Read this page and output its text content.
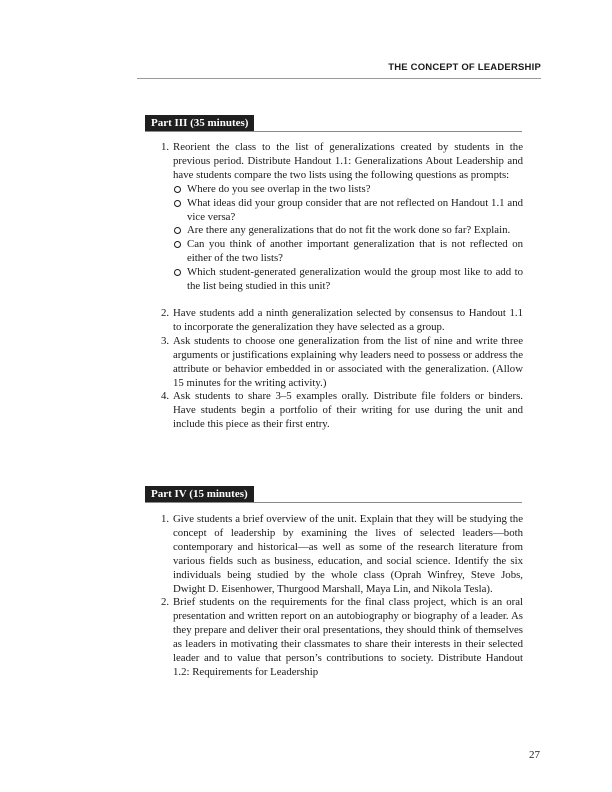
THE CONCEPT OF LEADERSHIP
Part III (35 minutes)
1. Reorient the class to the list of generalizations created by students in the previous period. Distribute Handout 1.1: Generalizations About Leadership and have students compare the two lists using the following questions as prompts:
Where do you see overlap in the two lists?
What ideas did your group consider that are not reflected on Handout 1.1 and vice versa?
Are there any generalizations that do not fit the work done so far? Explain.
Can you think of another important generalization that is not reflected on either of the two lists?
Which student-generated generalization would the group most like to add to the list being studied in this unit?
2. Have students add a ninth generalization selected by consensus to Handout 1.1 to incorporate the generalization they have selected as a group.
3. Ask students to choose one generalization from the list of nine and write three arguments or justifications explaining why leaders need to possess or address the attribute or behavior embedded in or associated with the generalization. (Allow 15 minutes for the writing activity.)
4. Ask students to share 3–5 examples orally. Distribute file folders or binders. Have students begin a portfolio of their writing for use during the unit and include this piece as their first entry.
Part IV (15 minutes)
1. Give students a brief overview of the unit. Explain that they will be studying the concept of leadership by examining the lives of selected leaders—both contemporary and historical—as well as some of the research literature from various fields such as business, education, and social science. Identify the six individuals being studied by the whole class (Oprah Winfrey, Steve Jobs, Dwight D. Eisenhower, Thurgood Marshall, Maya Lin, and Nikola Tesla).
2. Brief students on the requirements for the final class project, which is an oral presentation and written report on an autobiography or biography of a leader. As they prepare and deliver their oral presentations, they should think of themselves as leaders in motivating their classmates to share their interests in their selected leader and to value that person’s contributions to society. Distribute Handout 1.2: Requirements for Leadership
27
